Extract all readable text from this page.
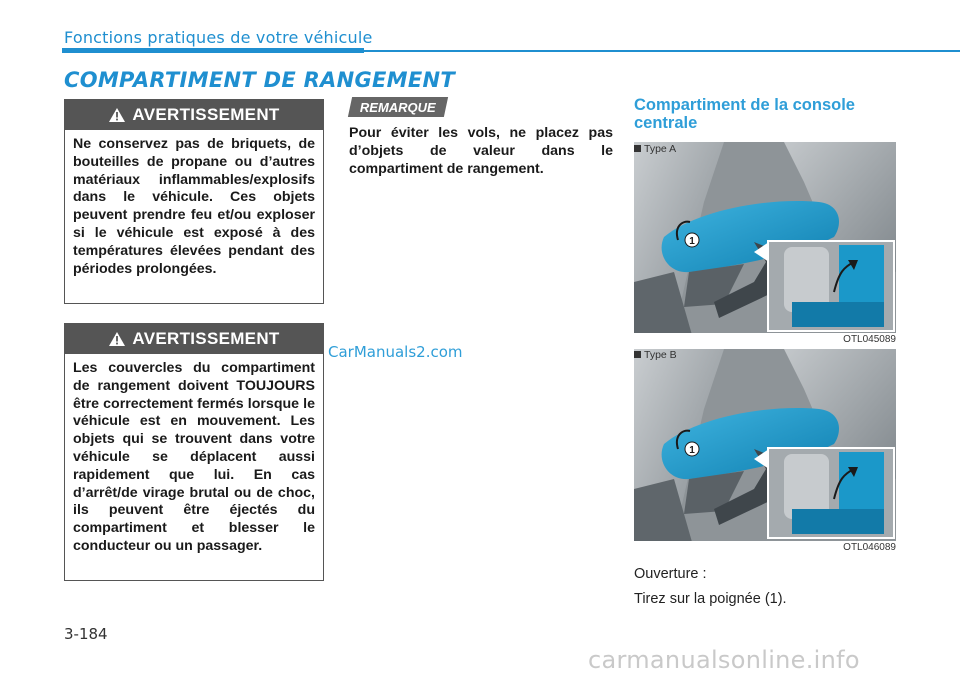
Fonctions pratiques de votre véhicule
COMPARTIMENT DE RANGEMENT
AVERTISSEMENT
Ne conservez pas de briquets, de bouteilles de propane ou d’autres matériaux inflammables/explosifs dans le véhicule. Ces objets peuvent prendre feu et/ou exploser si le véhicule est exposé à des températures élevées pendant des périodes prolongées.
AVERTISSEMENT
Les couvercles du compartiment de rangement doivent TOUJOURS être correctement fermés lorsque le véhicule est en mouvement. Les objets qui se trouvent dans votre véhicule se déplacent aussi rapidement que lui. En cas d’arrêt/de virage brutal ou de choc, ils peuvent être éjectés du compartiment et blesser le conducteur ou un passager.
REMARQUE
Pour éviter les vols, ne placez pas d’objets de valeur dans le compartiment de rangement.
CarManuals2.com
Compartiment de la console centrale
1
OTL045089
Type A
1
OTL046089
Type B
Ouverture :
Tirez sur la poignée (1).
3-184
carmanualsonline.info
